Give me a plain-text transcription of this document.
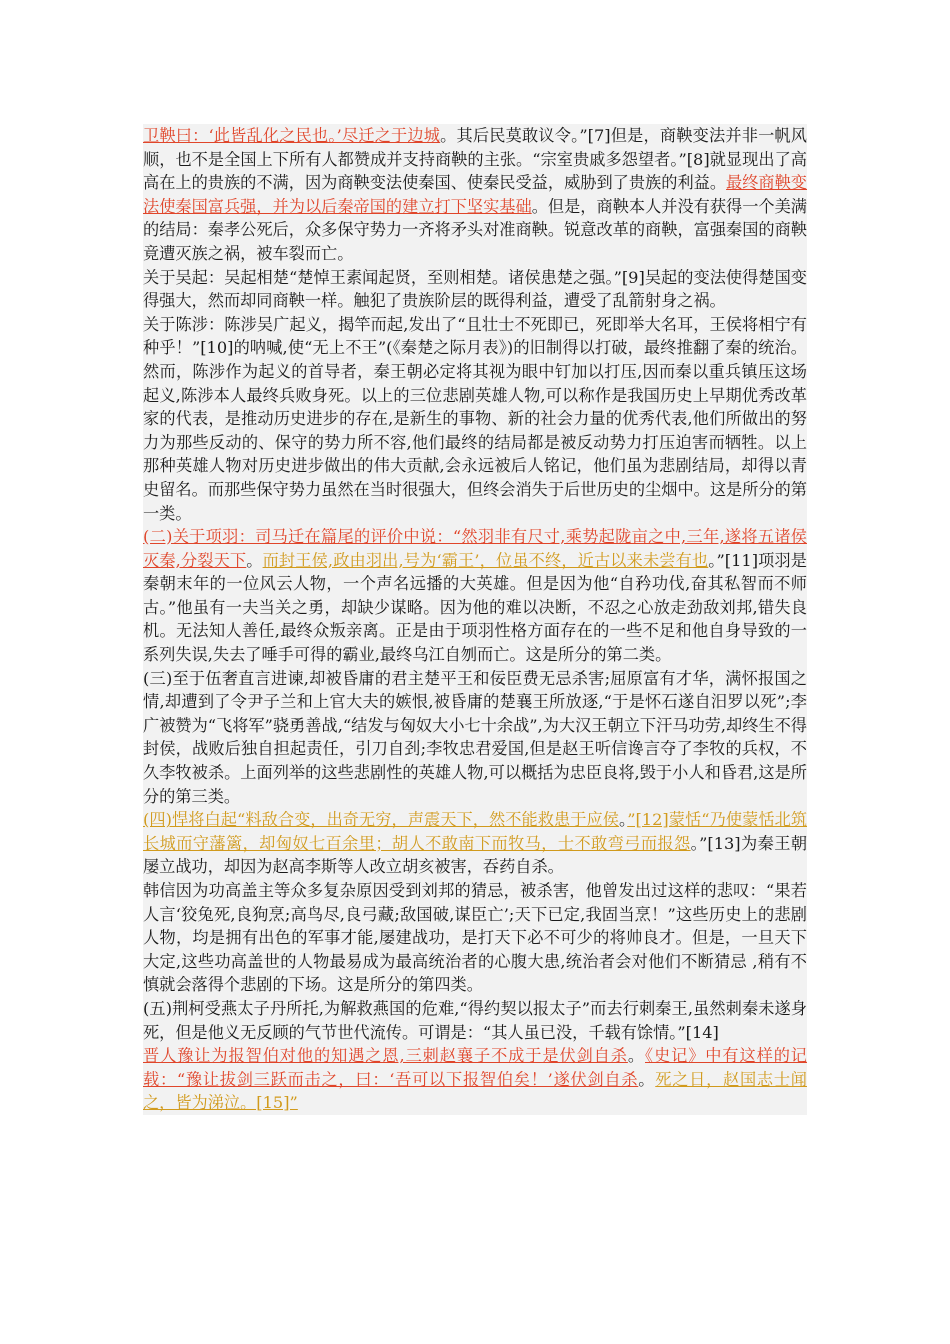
卫鞅曰：‘此皆乱化之民也。’尽迁之于边城。其后民莫敢议令。”[7]但是，商鞅变法并非一帆风顺，也不是全国上下所有人都赞成并支持商鞅的主张。“宗室贵戚多怨望者。”[8]就显现出了高高在上的贵族的不满，因为商鞅变法使秦国、使秦民受益，威胁到了贵族的利益。最终商鞅变法使秦国富兵强，并为以后秦帝国的建立打下坚实基础。但是，商鞅本人并没有获得一个美满的结局：秦孝公死后，众多保守势力一齐将矛头对准商鞅。锐意改革的商鞅，富强秦国的商鞅竟遭灭族之祸，被车裂而亡。

关于吴起：吴起相楚“楚悼王素闻起贤，至则相楚。诸侯患楚之强。”[9]吴起的变法使得楚国变得强大，然而却同商鞅一样。触犯了贵族阶层的既得利益，遭受了乱箭射身之祸。

关于陈涉：陈涉吴广起义，揭竿而起,发出了“且壮士不死即已，死即举大名耳，王侯将相宁有种乎！”[10]的呐喊,使“无上不王”(《秦楚之际月表》)的旧制得以打破，最终推翻了秦的统治。然而，陈涉作为起义的首导者，秦王朝必定将其视为眼中钉加以打压,因而秦以重兵镇压这场起义,陈涉本人最终兵败身死。以上的三位悲剧英雄人物,可以称作是我国历史上早期优秀改革家的代表，是推动历史进步的存在,是新生的事物、新的社会力量的优秀代表,他们所做出的努力为那些反动的、保守的势力所不容,他们最终的结局都是被反动势力打压迫害而牺牲。以上那种英雄人物对历史进步做出的伟大贡献,会永远被后人铭记，他们虽为悲剧结局，却得以青史留名。而那些保守势力虽然在当时很强大，但终会消失于后世历史的尘烟中。这是所分的第一类。

(二)关于项羽：司马迁在篇尾的评价中说：“然羽非有尺寸,乘势起陇亩之中,三年,遂将五诸侯灭秦,分裂天下。而封王侯,政由羽出,号为‘霸王’，位虽不终，近古以来未尝有也。”[11]项羽是秦朝末年的一位风云人物，一个声名远播的大英雄。但是因为他“自矜功伐,奋其私智而不师古。”他虽有一夫当关之勇，却缺少谋略。因为他的难以决断，不忍之心放走劲敌刘邦,错失良机。无法知人善任,最终众叛亲离。正是由于项羽性格方面存在的一些不足和他自身导致的一系列失误,失去了唾手可得的霸业,最终乌江自刎而亡。这是所分的第二类。

(三)至于伍奢直言进谏,却被昏庸的君主楚平王和佞臣费无忌杀害;屈原富有才华，满怀报国之情,却遭到了令尹子兰和上官大夫的嫉恨,被昏庸的楚襄王所放逐,“于是怀石遂自汨罗以死”;李广被赞为“飞将军”骁勇善战,“结发与匈奴大小七十余战”,为大汉王朝立下汗马功劳,却终生不得封侯，战败后独自担起责任，引刀自刭;李牧忠君爱国,但是赵王听信谗言夺了李牧的兵权，不久李牧被杀。上面列举的这些悲剧性的英雄人物,可以概括为忠臣良将,毁于小人和昏君,这是所分的第三类。

(四)悍将白起“料敌合变，出奇无穷，声震天下，然不能救患于应侯。”[12]蒙恬“乃使蒙恬北筑长城而守藩篱，却匈奴七百余里；胡人不敢南下而牧马，士不敢弯弓而报怨。”[13]为秦王朝屡立战功，却因为赵高李斯等人改立胡亥被害，吞药自杀。

韩信因为功高盖主等众多复杂原因受到刘邦的猜忌，被杀害，他曾发出过这样的悲叹：“果若人言‘狡兔死,良狗烹;高鸟尽,良弓藏;敌国破,谋臣亡’;天下已定,我固当烹！”这些历史上的悲剧人物，均是拥有出色的军事才能,屡建战功，是打天下必不可少的将帅良才。但是，一旦天下大定,这些功高盖世的人物最易成为最高统治者的心腹大患,统治者会对他们不断猜忌 ,稍有不慎就会落得个悲剧的下场。这是所分的第四类。

(五)荆柯受燕太子丹所托,为解救燕国的危难,“得约契以报太子”而去行刺秦王,虽然刺秦未遂身死，但是他义无反顾的气节世代流传。可谓是：“其人虽已没，千载有馀情。”[14]

晋人豫让为报智伯对他的知遇之恩,三刺赵襄子不成于是伏剑自杀。《史记》中有这样的记载：“豫让拔剑三跃而击之，曰：‘吾可以下报智伯矣！’遂伏剑自杀。死之日，赵国志士闻之，皆为涕泣。[15]”
